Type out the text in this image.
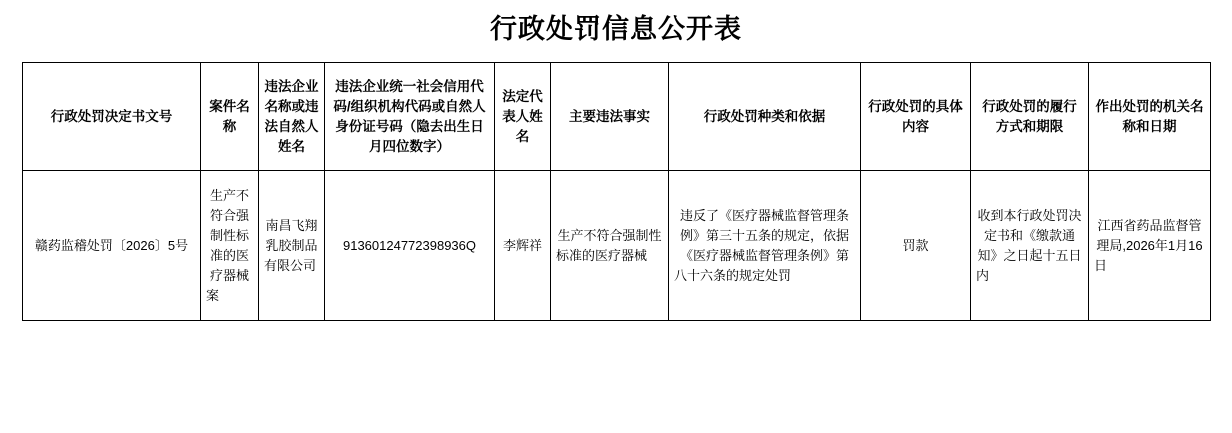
行政处罚信息公开表
行政处罚决定书文号	案件名称	违法企业名称或违法自然人姓名	违法企业统一社会信用代码/组织机构代码或自然人身份证号码（隐去出生日月四位数字）	法定代表人姓名	主要违法事实	行政处罚种类和依据	行政处罚的具体内容	行政处罚的履行方式和期限	作出处罚的机关名称和日期
赣药监稽处罚〔2026〕5号	生产不符合强制性标准的医疗器械案	南昌飞翔乳胶制品有限公司	91360124772398936Q	李辉祥	生产不符合强制性标准的医疗器械	违反了《医疗器械监督管理条例》第三十五条的规定，依据《医疗器械监督管理条例》第八十六条的规定处罚	罚款	收到本行政处罚决定书和《缴款通知》之日起十五日内	江西省药品监督管理局,2026年1月16日
